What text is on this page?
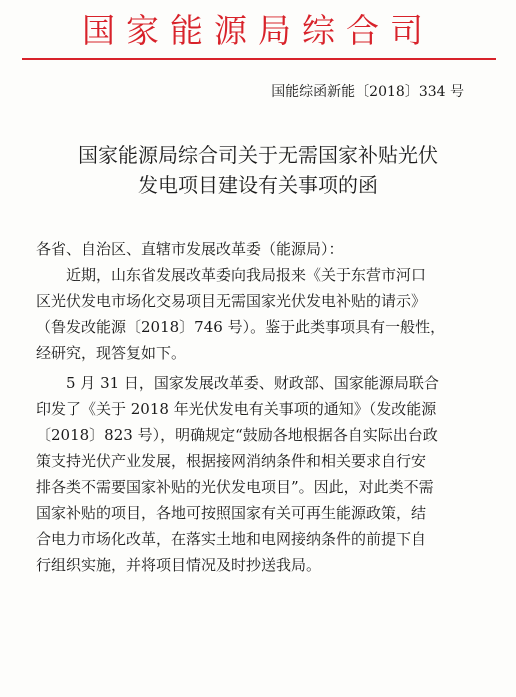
国家能源局综合司
国能综函新能〔2018〕334 号
国家能源局综合司关于无需国家补贴光伏
发电项目建设有关事项的函

各省、自治区、直辖市发展改革委（能源局）：

近期，山东省发展改革委向我局报来《关于东营市河口
区光伏发电市场化交易项目无需国家光伏发电补贴的请示》
（鲁发改能源〔2018〕746 号）。鉴于此类事项具有一般性，
经研究，现答复如下。

5 月 31 日，国家发展改革委、财政部、国家能源局联合
印发了《关于 2018 年光伏发电有关事项的通知》（发改能源
〔2018〕823 号），明确规定“鼓励各地根据各自实际出台政
策支持光伏产业发展，根据接网消纳条件和相关要求自行安
排各类不需要国家补贴的光伏发电项目”。因此，对此类不需
国家补贴的项目，各地可按照国家有关可再生能源政策，结
合电力市场化改革，在落实土地和电网接纳条件的前提下自
行组织实施，并将项目情况及时抄送我局。
